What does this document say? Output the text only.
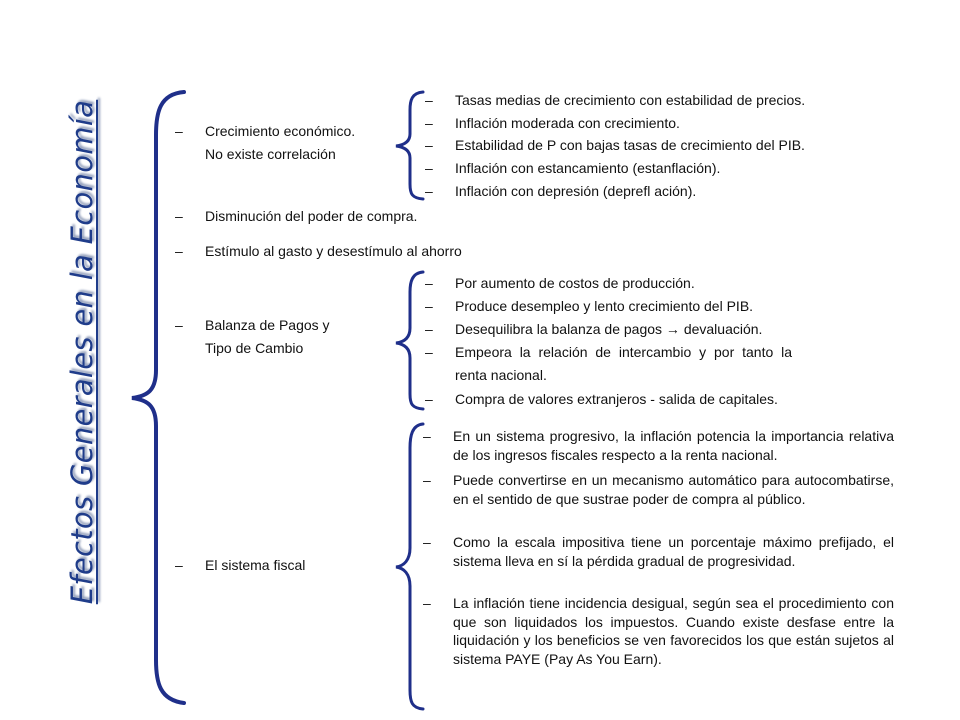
Efectos Generales en la Economía
–	Crecimiento económico.
No existe correlación
– Disminución del poder de compra.
– Estímulo al gasto y desestímulo al ahorro
– Balanza de Pagos y
Tipo de Cambio
– El sistema fiscal
– Tasas medias de crecimiento con estabilidad de precios.
– Inflación moderada con crecimiento.
– Estabilidad de P con bajas tasas de crecimiento del PIB.
– Inflación con estancamiento (estanflación).
– Inflación con depresión (deprefl ación).
– Por aumento de costos de producción.
– Produce desempleo y lento crecimiento del PIB.
– Desequilibra la balanza de pagos → devaluación.
– Empeora la relación de intercambio y por tanto la
renta nacional.
– Compra de valores extranjeros - salida de capitales.
– En un sistema progresivo, la inflación potencia la importancia relativa de los ingresos fiscales respecto a la renta nacional.
– Puede convertirse en un mecanismo automático para autocombatirse, en el sentido de que sustrae poder de compra al público.
– Como la escala impositiva tiene un porcentaje máximo prefijado, el sistema lleva en sí la pérdida gradual de progresividad.
– La inflación tiene incidencia desigual, según sea el procedimiento con que son liquidados los impuestos. Cuando existe desfase entre la liquidación y los beneficios se ven favorecidos los que están sujetos al sistema PAYE (Pay As You Earn).
